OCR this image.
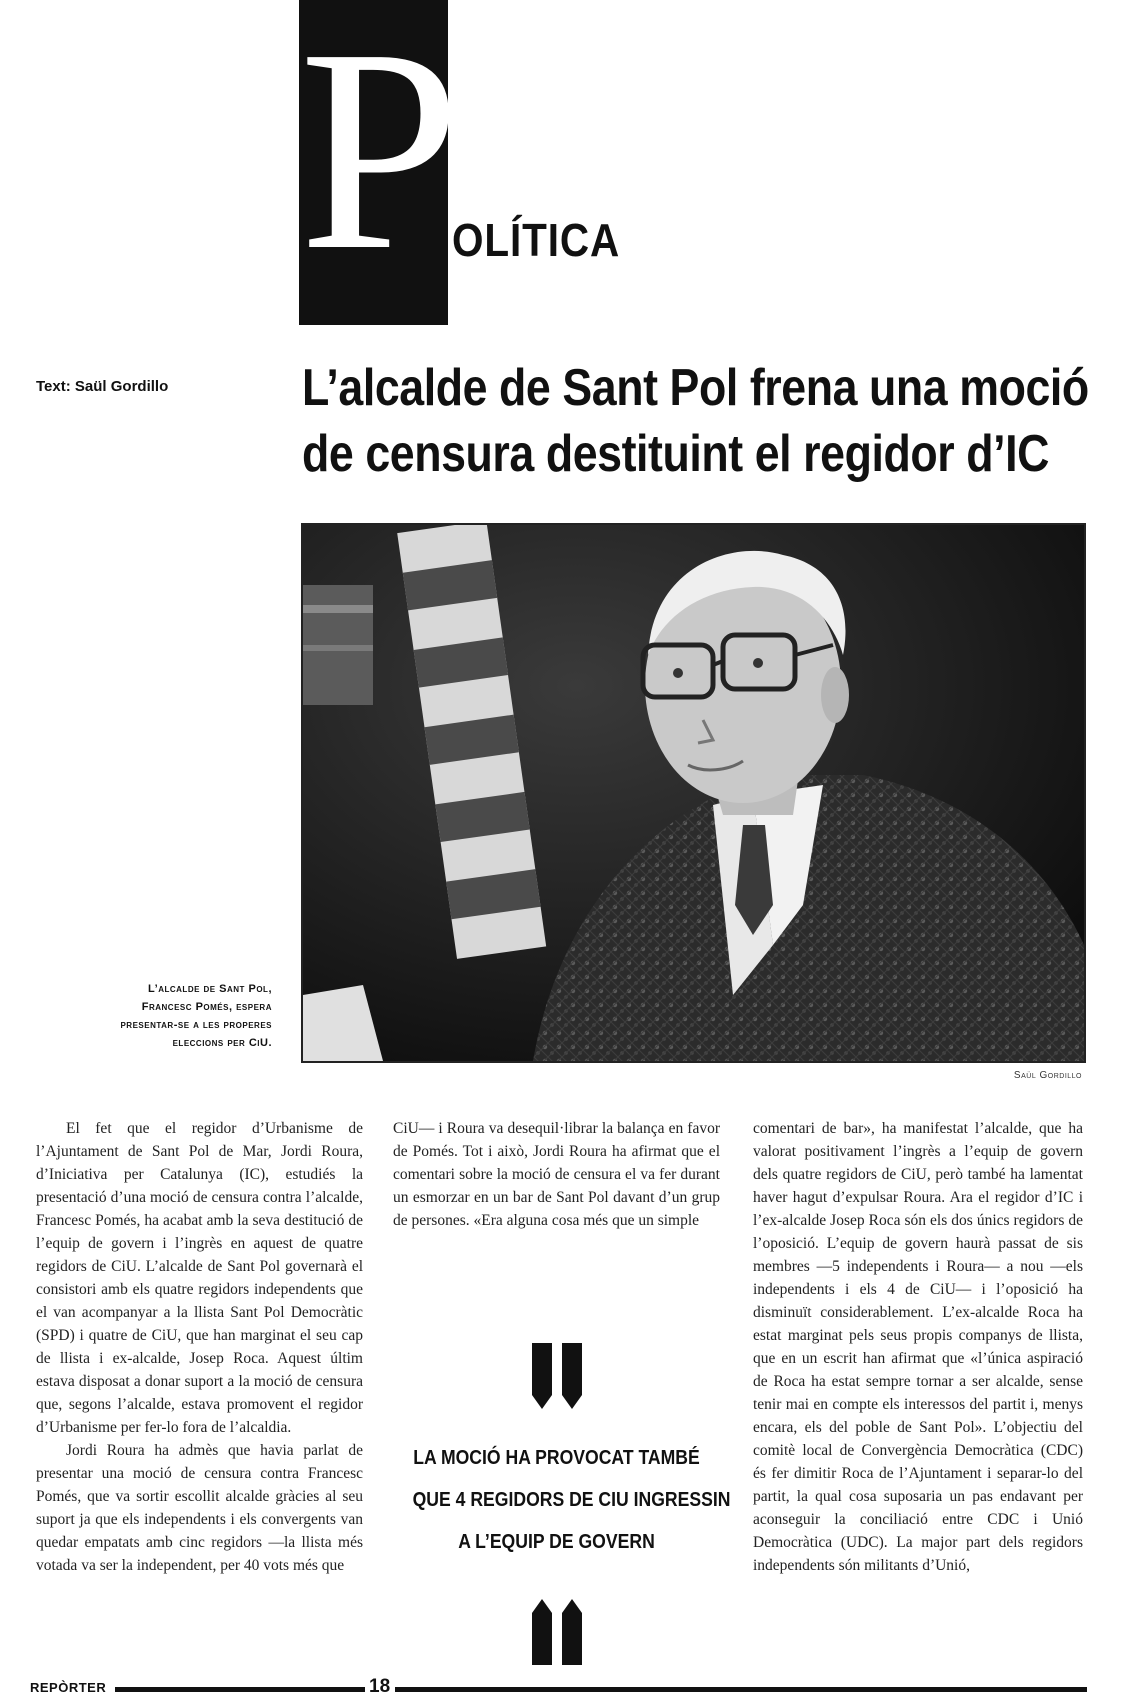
P
OLÍTICA
Text: Saül Gordillo	L’alcalde de Sant Pol frena una moció
de censura destituint el regidor d’IC
L’alcalde de Sant Pol,
Francesc Pomés, espera
presentar-se a les properes
eleccions per CiU.
Saül Gordillo

El fet que el regidor d’Urbanisme de l’Ajuntament de Sant Pol de Mar, Jordi Roura, d’Iniciativa per Catalunya (IC), estudiés la presentació d’una moció de censura contra l’alcalde, Francesc Pomés, ha acabat amb la seva destitució de l’equip de govern i l’ingrès en aquest de quatre regidors de CiU. L’alcalde de Sant Pol governarà el consistori amb els quatre regidors independents que el van acompanyar a la llista Sant Pol Democràtic (SPD) i quatre de CiU, que han marginat el seu cap de llista i ex-alcalde, Josep Roca. Aquest últim estava disposat a donar suport a la moció de censura que, segons l’alcalde, estava promovent el regidor d’Urbanisme per fer-lo fora de l’alcaldia.

Jordi Roura ha admès que havia parlat de presentar una moció de censura contra Francesc Pomés, que va sortir escollit alcalde gràcies al seu suport ja que els independents i els convergents van quedar empatats amb cinc regidors —la llista més votada va ser la independent, per 40 vots més que

CiU— i Roura va desequil·librar la balança en favor de Pomés. Tot i això, Jordi Roura ha afirmat que el comentari sobre la moció de censura el va fer durant un esmorzar en un bar de Sant Pol davant d’un grup de persones. «Era alguna cosa més que un simple

comentari de bar», ha manifestat l’alcalde, que ha valorat positivament l’ingrès a l’equip de govern dels quatre regidors de CiU, però també ha lamentat haver hagut d’expulsar Roura. Ara el regidor d’IC i l’ex-alcalde Josep Roca són els dos únics regidors de l’oposició. L’equip de govern haurà passat de sis membres —5 independents i Roura— a nou —els independents i els 4 de CiU— i l’oposició ha disminuït considerablement. L’ex-alcalde Roca ha estat marginat pels seus propis companys de llista, que en un escrit han afirmat que «l’única aspiració de Roca ha estat sempre tornar a ser alcalde, sense tenir mai en compte els interessos del partit i, menys encara, els del poble de Sant Pol». L’objectiu del comitè local de Convergència Democràtica (CDC) és fer dimitir Roca de l’Ajuntament i separar-lo del partit, la qual cosa suposaria un pas endavant per aconseguir la conciliació entre CDC i Unió Democràtica (UDC). La major part dels regidors independents són militants d’Unió,

LA MOCIÓ HA PROVOCAT TAMBÉ
QUE 4 REGIDORS DE CIU INGRESSIN
A L’EQUIP DE GOVERN
REPÒRTER	18
